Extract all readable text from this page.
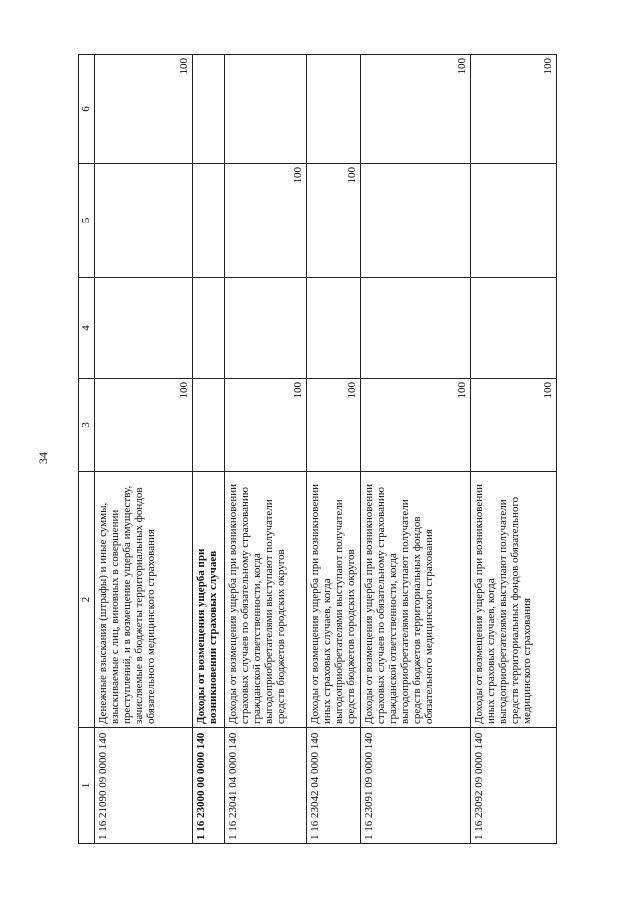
34
1	2	3	4	5	6
1 16 21090 09 0000 140	Денежные взыскания (штрафы) и иные суммы, взыскиваемые с лиц, виновных в совершении преступлений, и в возмещение ущерба имуществу, зачисляемые в бюджеты территориальных фондов обязательного медицинского страхования	100			100
1 16 23000 00 0000 140	Доходы от возмещения ущерба при возникновении страховых случаев				
1 16 23041 04 0000 140	Доходы от возмещения ущерба при возникновении страховых случаев по обязательному страхованию гражданской ответственности, когда выгодоприобретателями выступают получатели средств бюджетов городских округов	100		100	
1 16 23042 04 0000 140	Доходы от возмещения ущерба при возникновении иных страховых случаев, когда выгодоприобретателями выступают получатели средств бюджетов городских округов	100		100	
1 16 23091 09 0000 140	Доходы от возмещения ущерба при возникновении страховых случаев по обязательному страхованию гражданской ответственности, когда выгодоприобретателями выступают получатели средств бюджетов территориальных фондов обязательного медицинского страхования	100			100
1 16 23092 09 0000 140	Доходы от возмещения ущерба при возникновении иных страховых случаев, когда выгодоприобретателями выступают получатели средств территориальных фондов обязательного медицинского страхования	100			100
